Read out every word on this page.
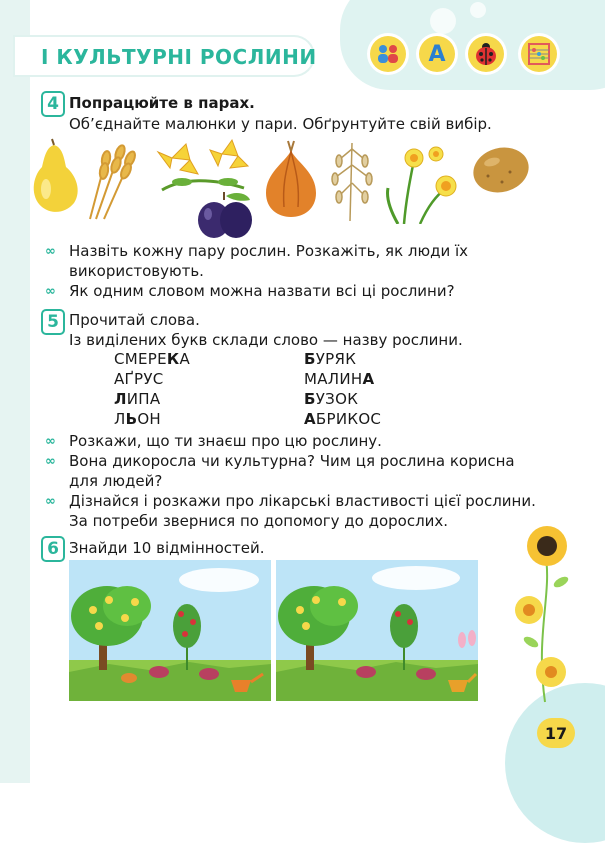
І КУЛЬТУРНІ РОСЛИНИ	A
4 Попрацюйте в парах.
Об’єднайте малюнки у пари. Обґрунтуйте свій вибір.
∞ Назвіть кожну пару рослин. Розкажіть, як люди їх
використовують.
∞ Як одним словом можна назвати всі ці рослини?
5 Прочитай слова.
Із виділених букв склади слово — назву рослини.
СМЕРЕКА
АҐРУС
ЛИПА
ЛЬОН
БУРЯК
МАЛИНА
БУЗОК
АБРИКОС
∞ Розкажи, що ти знаєш про цю рослину.
∞ Вона дикоросла чи культурна? Чим ця рослина корисна
для людей?
∞ Дізнайся і розкажи про лікарські властивості цієї рослини.
За потреби звернися по допомогу до дорослих.
6 Знайди 10 відмінностей.
17
